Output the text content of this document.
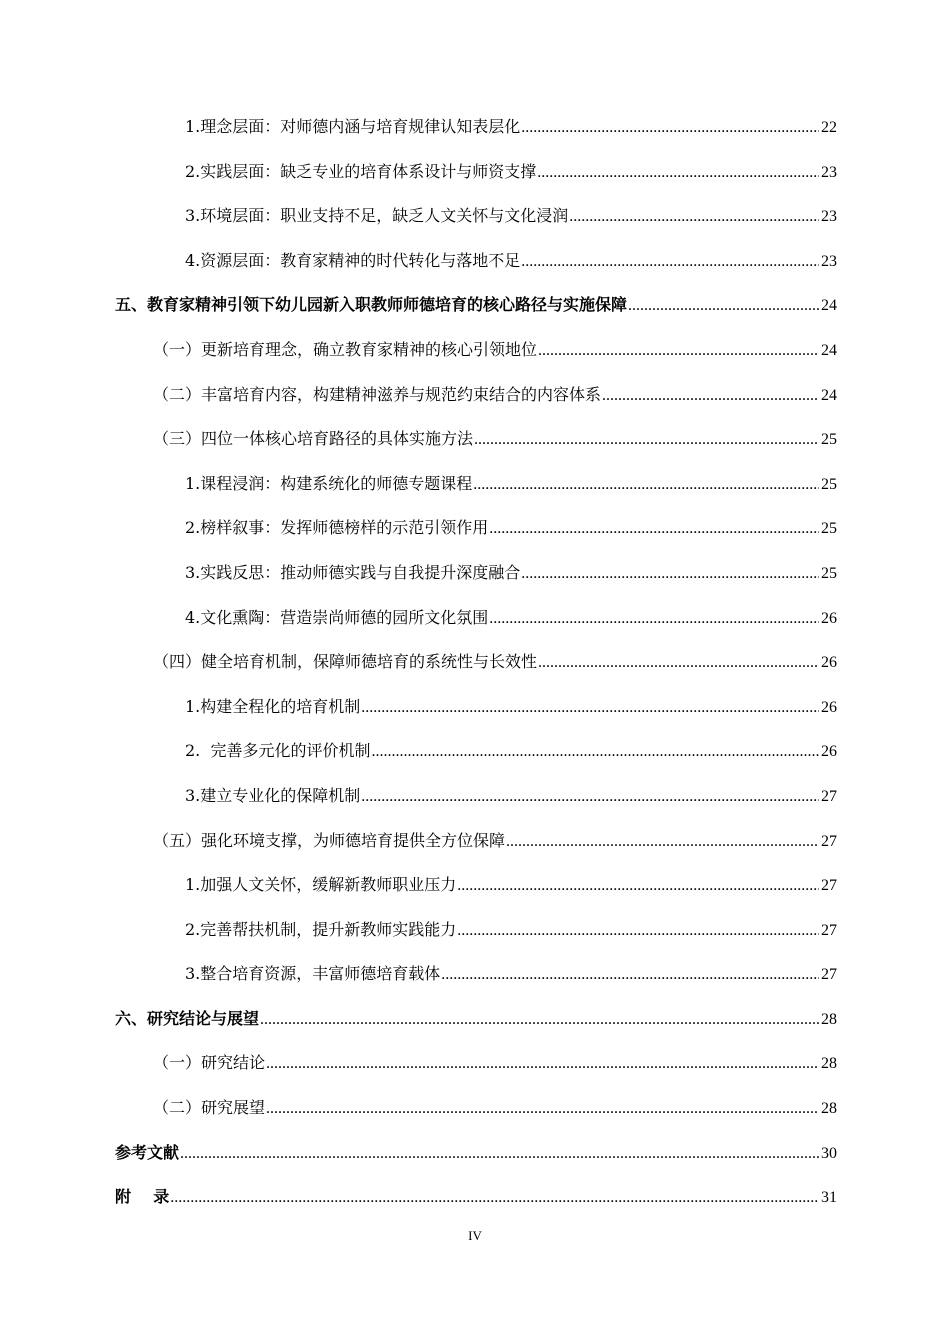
1.理念层面：对师德内涵与培育规律认知表层化 .....	22
2.实践层面：缺乏专业的培育体系设计与师资支撑 .....	23
3.环境层面：职业支持不足，缺乏人文关怀与文化浸润 .....	23
4.资源层面：教育家精神的时代转化与落地不足 .....	23
五、教育家精神引领下幼儿园新入职教师师德培育的核心路径与实施保障 .....	24
（一）更新培育理念，确立教育家精神的核心引领地位 .....	24
（二）丰富培育内容，构建精神滋养与规范约束结合的内容体系 .....	24
（三）四位一体核心培育路径的具体实施方法 .....	25
1.课程浸润：构建系统化的师德专题课程 .....	25
2.榜样叙事：发挥师德榜样的示范引领作用 .....	25
3.实践反思：推动师德实践与自我提升深度融合 .....	25
4.文化熏陶：营造崇尚师德的园所文化氛围 .....	26
（四）健全培育机制，保障师德培育的系统性与长效性 .....	26
1.构建全程化的培育机制 .....	26
2.  完善多元化的评价机制 .....	26
3.建立专业化的保障机制 .....	27
（五）强化环境支撑，为师德培育提供全方位保障 .....	27
1.加强人文关怀，缓解新教师职业压力 .....	27
2.完善帮扶机制，提升新教师实践能力 .....	27
3.整合培育资源，丰富师德培育载体 .....	27
六、研究结论与展望 .....	28
（一）研究结论 .....	28
（二）研究展望 .....	28
参考文献 .....	30
附    录 .....	31
IV
